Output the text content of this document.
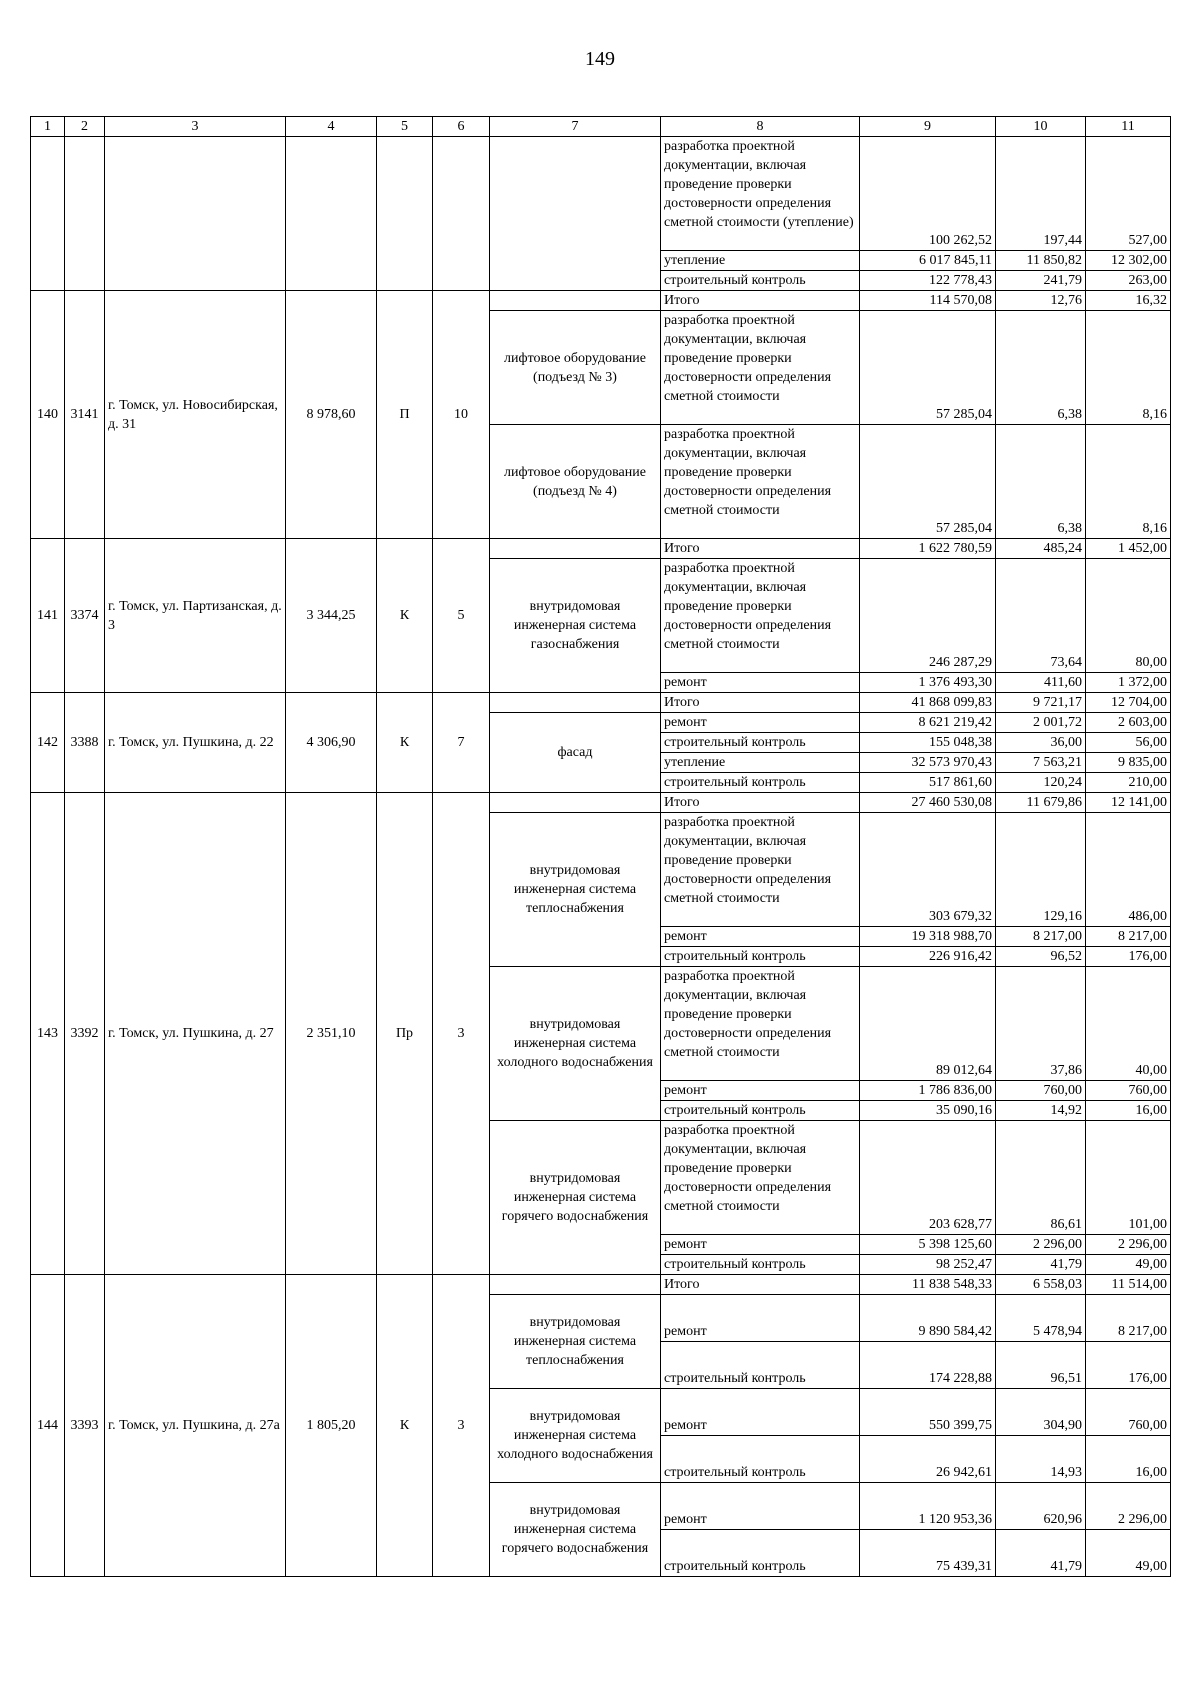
149
1	2	3	4	5	6	7	8	9	10	11
							разработка проектной документации, включая проведение проверки достоверности определения сметной стоимости (утепление)	100 262,52	197,44	527,00
							утепление	6 017 845,11	11 850,82	12 302,00
							строительный контроль	122 778,43	241,79	263,00
140	3141	г. Томск, ул. Новосибирская, д. 31	8 978,60	П	10		Итого	114 570,08	12,76	16,32
						лифтовое оборудование (подъезд № 3)	разработка проектной документации, включая проведение проверки достоверности определения сметной стоимости	57 285,04	6,38	8,16
						лифтовое оборудование (подъезд № 4)	разработка проектной документации, включая проведение проверки достоверности определения сметной стоимости	57 285,04	6,38	8,16
141	3374	г. Томск, ул. Партизанская, д. 3	3 344,25	К	5		Итого	1 622 780,59	485,24	1 452,00
						внутридомовая инженерная система газоснабжения	разработка проектной документации, включая проведение проверки достоверности определения сметной стоимости	246 287,29	73,64	80,00
							ремонт	1 376 493,30	411,60	1 372,00
142	3388	г. Томск, ул. Пушкина, д. 22	4 306,90	К	7		Итого	41 868 099,83	9 721,17	12 704,00
						фасад	ремонт	8 621 219,42	2 001,72	2 603,00
							строительный контроль	155 048,38	36,00	56,00
							утепление	32 573 970,43	7 563,21	9 835,00
							строительный контроль	517 861,60	120,24	210,00
143	3392	г. Томск, ул. Пушкина, д. 27	2 351,10	Пр	3		Итого	27 460 530,08	11 679,86	12 141,00
						внутридомовая инженерная система теплоснабжения	разработка проектной документации, включая проведение проверки достоверности определения сметной стоимости	303 679,32	129,16	486,00
							ремонт	19 318 988,70	8 217,00	8 217,00
							строительный контроль	226 916,42	96,52	176,00
						внутридомовая инженерная система холодного водоснабжения	разработка проектной документации, включая проведение проверки достоверности определения сметной стоимости	89 012,64	37,86	40,00
							ремонт	1 786 836,00	760,00	760,00
							строительный контроль	35 090,16	14,92	16,00
						внутридомовая инженерная система горячего водоснабжения	разработка проектной документации, включая проведение проверки достоверности определения сметной стоимости	203 628,77	86,61	101,00
							ремонт	5 398 125,60	2 296,00	2 296,00
							строительный контроль	98 252,47	41,79	49,00
144	3393	г. Томск, ул. Пушкина, д. 27а	1 805,20	К	3		Итого	11 838 548,33	6 558,03	11 514,00
						внутридомовая инженерная система теплоснабжения	ремонт	9 890 584,42	5 478,94	8 217,00
							строительный контроль	174 228,88	96,51	176,00
						внутридомовая инженерная система холодного водоснабжения	ремонт	550 399,75	304,90	760,00
							строительный контроль	26 942,61	14,93	16,00
						внутридомовая инженерная система горячего водоснабжения	ремонт	1 120 953,36	620,96	2 296,00
							строительный контроль	75 439,31	41,79	49,00
